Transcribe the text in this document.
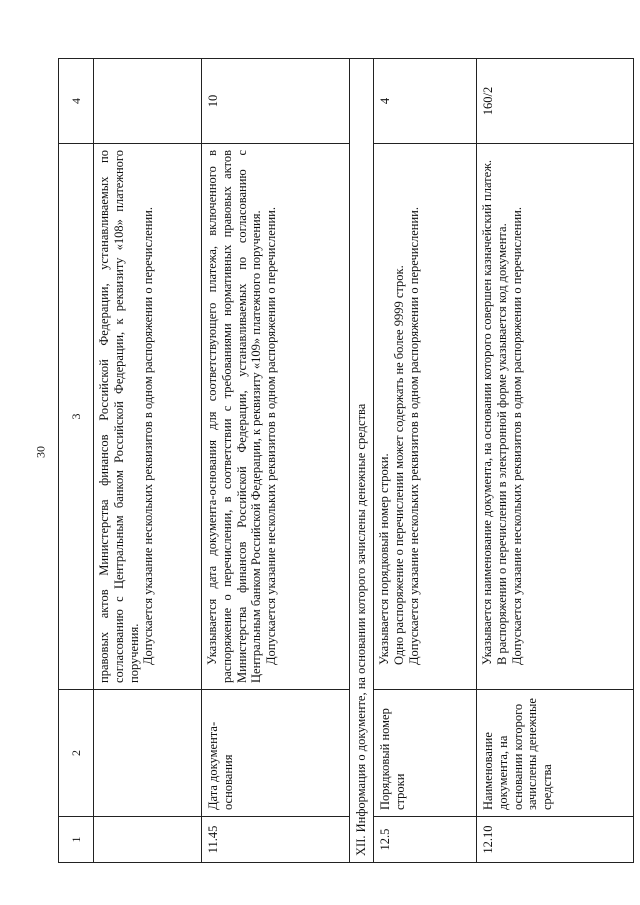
30
1	2	3	4

		правовых актов Министерства финансов Российской Федерации, устанавливаемых по согласованию с Центральным банком Российской Федерации, к реквизиту «108» платежного поручения. Допускается указание нескольких реквизитов в одном распоряжении о перечислении.	

11.45	Дата документа-основания	Указывается дата документа-основания для соответствующего платежа, включенного в распоряжение о перечислении, в соответствии с требованиями нормативных правовых актов Министерства финансов Российской Федерации, устанавливаемых по согласованию с Центральным банком Российской Федерации, к реквизиту «109» платежного поручения. Допускается указание нескольких реквизитов в одном распоряжении о перечислении.	10
XII. Информация о документе, на основании которого зачислены денежные средства			
12.5	Порядковый номер строки	Указывается порядковый номер строки. Одно распоряжение о перечислении может содержать не более 9999 строк. Допускается указание нескольких реквизитов в одном распоряжении о перечислении.	4
12.10	Наименование документа, на основании которого зачислены денежные средства	Указывается наименование документа, на основании которого совершен казначейский платеж. В распоряжении о перечислении в электронной форме указывается код документа. Допускается указание нескольких реквизитов в одном распоряжении о перечислении.	160/2
